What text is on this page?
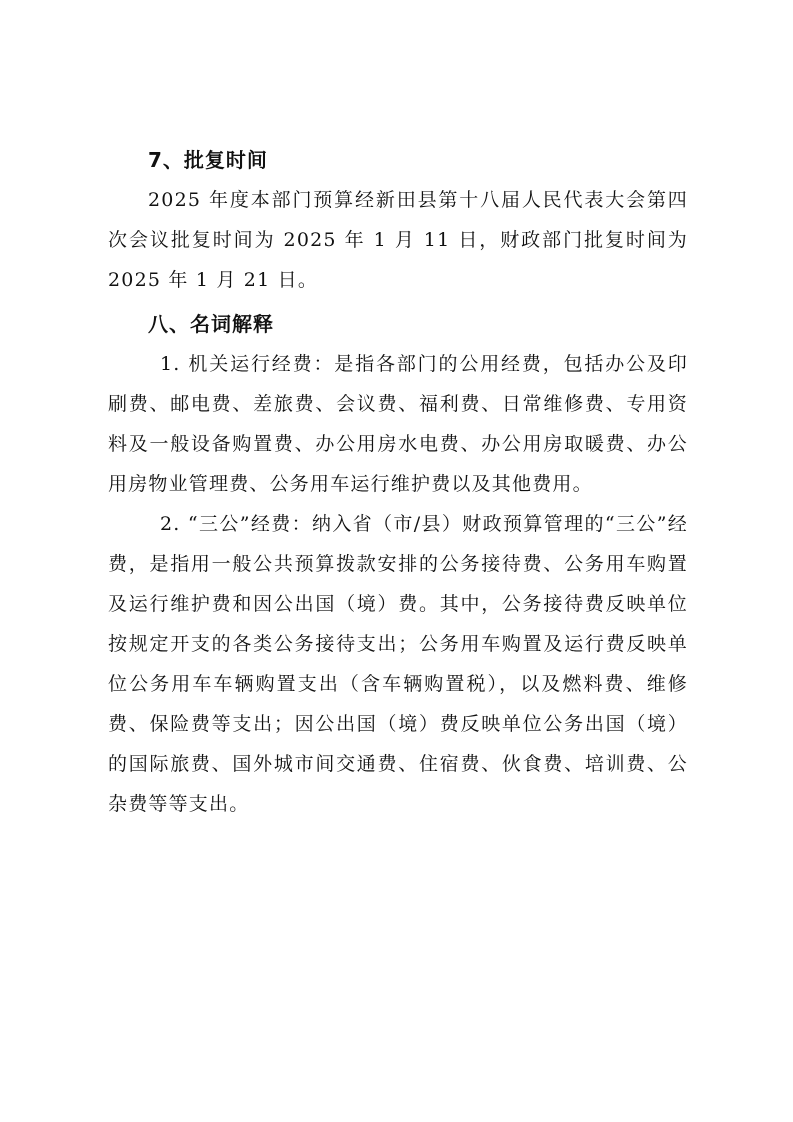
7、批复时间

2025 年度本部门预算经新田县第十八届人民代表大会第四次会议批复时间为 2025 年 1 月 11 日，财政部门批复时间为 2025 年 1 月 21 日。

八、名词解释

1. 机关运行经费：是指各部门的公用经费，包括办公及印刷费、邮电费、差旅费、会议费、福利费、日常维修费、专用资料及一般设备购置费、办公用房水电费、办公用房取暖费、办公用房物业管理费、公务用车运行维护费以及其他费用。

2. “三公”经费：纳入省（市/县）财政预算管理的“三公”经费，是指用一般公共预算拨款安排的公务接待费、公务用车购置及运行维护费和因公出国（境）费。其中，公务接待费反映单位按规定开支的各类公务接待支出；公务用车购置及运行费反映单位公务用车车辆购置支出（含车辆购置税），以及燃料费、维修费、保险费等支出；因公出国（境）费反映单位公务出国（境）的国际旅费、国外城市间交通费、住宿费、伙食费、培训费、公杂费等等支出。
